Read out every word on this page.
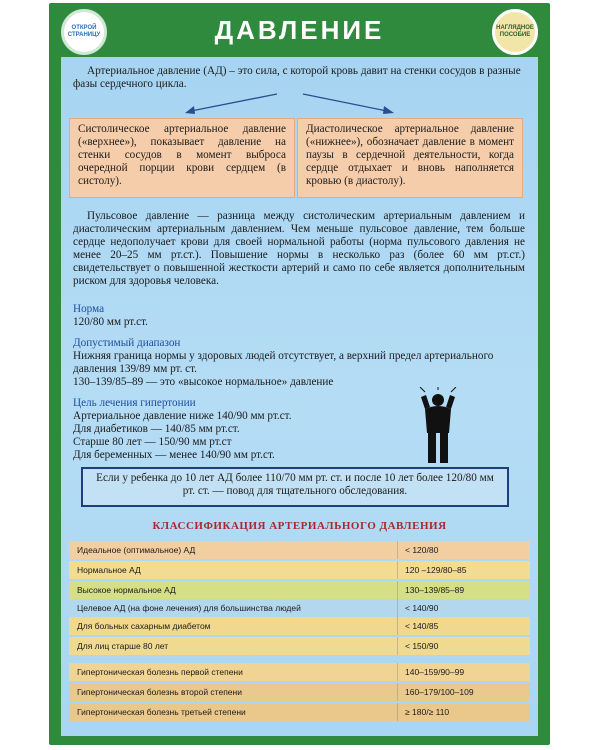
ОТКРОЙ СТРАНИЦУ	ДАВЛЕНИЕ	НАГЛЯДНОЕ ПОСОБИЕ
Артериальное давление (АД) – это сила, с которой кровь давит на стенки сосудов в разные фазы сердечного цикла.
Систолическое артериальное давление («верхнее»), показывает давление на стенки сосудов в момент выброса очередной порции крови сердцем (в систолу).
Диастолическое артериальное давление («нижнее»), обозначает давление в момент паузы в сердечной деятельности, когда сердце отдыхает и вновь наполняется кровью (в диастолу).
Пульсовое давление — разница между систолическим артериальным давлением и диастолическим артериальным давлением. Чем меньше пульсовое давление, тем больше сердце недополучает крови для своей нормальной работы (норма пульсового давления не менее 20–25 мм рт.ст.). Повышение нормы в несколько раз (более 60 мм рт.ст.) свидетельствует о повышенной жесткости артерий и само по себе является дополнительным риском для здоровья человека.
Норма
120/80 мм рт.ст.
Допустимый диапазон
Нижняя граница нормы у здоровых людей отсутствует, а верхний предел артериального давления 139/89 мм рт. ст.
130–139/85–89 — это «высокое нормальное» давление
Цель лечения гипертонии
Артериальное давление ниже 140/90 мм рт.ст.
Для диабетиков — 140/85 мм рт.ст.
Старше 80 лет — 150/90 мм рт.ст
Для беременных — менее 140/90 мм рт.ст.
Если у ребенка до 10 лет АД более 110/70 мм рт. ст. и после 10 лет более 120/80 мм рт. ст. — повод для тщательного обследования.
КЛАССИФИКАЦИЯ АРТЕРИАЛЬНОГО ДАВЛЕНИЯ
Идеальное (оптимальное) АД	< 120/80
Нормальное АД	120 –129/80–85
Высокое нормальное АД	130–139/85–89
Целевое АД (на фоне лечения) для большинства людей	< 140/90
Для больных сахарным диабетом	< 140/85
Для лиц старше 80 лет	< 150/90
Гипертоническая болезнь первой степени	140–159/90–99
Гипертоническая болезнь второй степени	160–179/100–109
Гипертоническая болезнь третьей степени	≥ 180/≥ 110
